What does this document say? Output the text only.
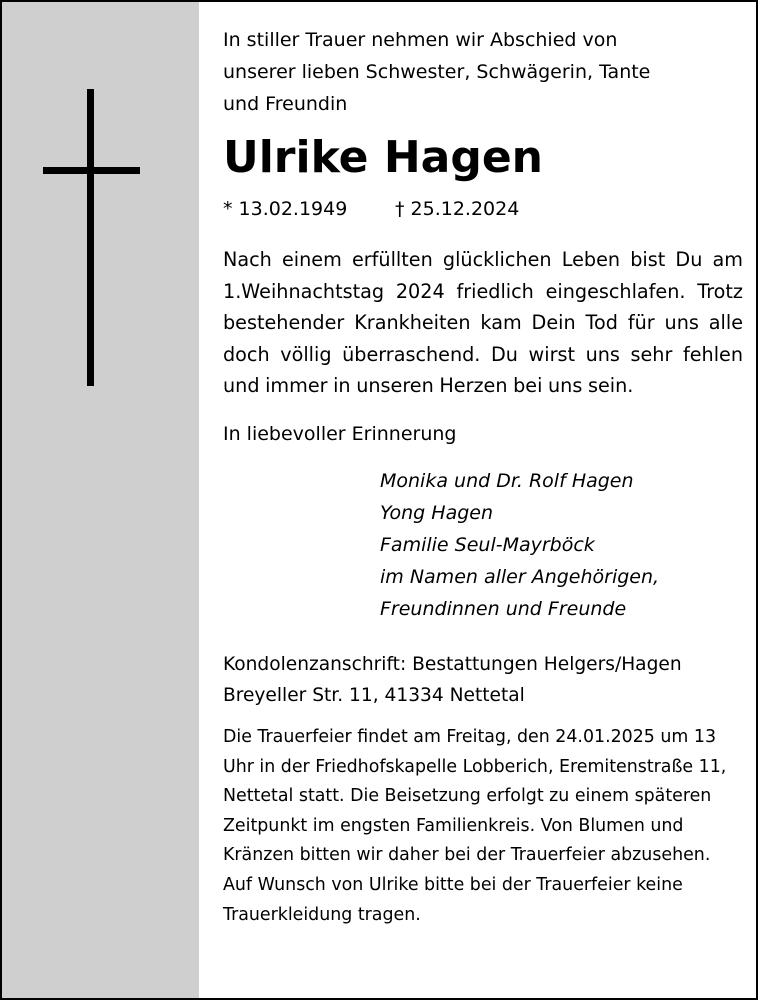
In stiller Trauer nehmen wir Abschied von
unserer lieben Schwester, Schwägerin, Tante
und Freundin

Ulrike Hagen
* 13.02.1949	† 25.12.2024

Nach einem erfüllten glücklichen Leben bist Du am 1.Weihnachtstag 2024 friedlich eingeschlafen. Trotz bestehender Krankheiten kam Dein Tod für uns alle doch völlig überraschend. Du wirst uns sehr fehlen und immer in unseren Herzen bei uns sein.

In liebevoller Erinnerung

Monika und Dr. Rolf Hagen
Yong Hagen
Familie Seul-Mayrböck
im Namen aller Angehörigen,
Freundinnen und Freunde
Kondolenzanschrift: Bestattungen Helgers/Hagen
Breyeller Str. 11, 41334 Nettetal

Die Trauerfeier findet am Freitag, den 24.01.2025 um 13 Uhr in der Friedhofskapelle Lobberich, Eremitenstraße 11, Nettetal statt. Die Beisetzung erfolgt zu einem späteren Zeitpunkt im engsten Familienkreis. Von Blumen und Kränzen bitten wir daher bei der Trauerfeier abzusehen. Auf Wunsch von Ulrike bitte bei der Trauerfeier keine Trauerkleidung tragen.
